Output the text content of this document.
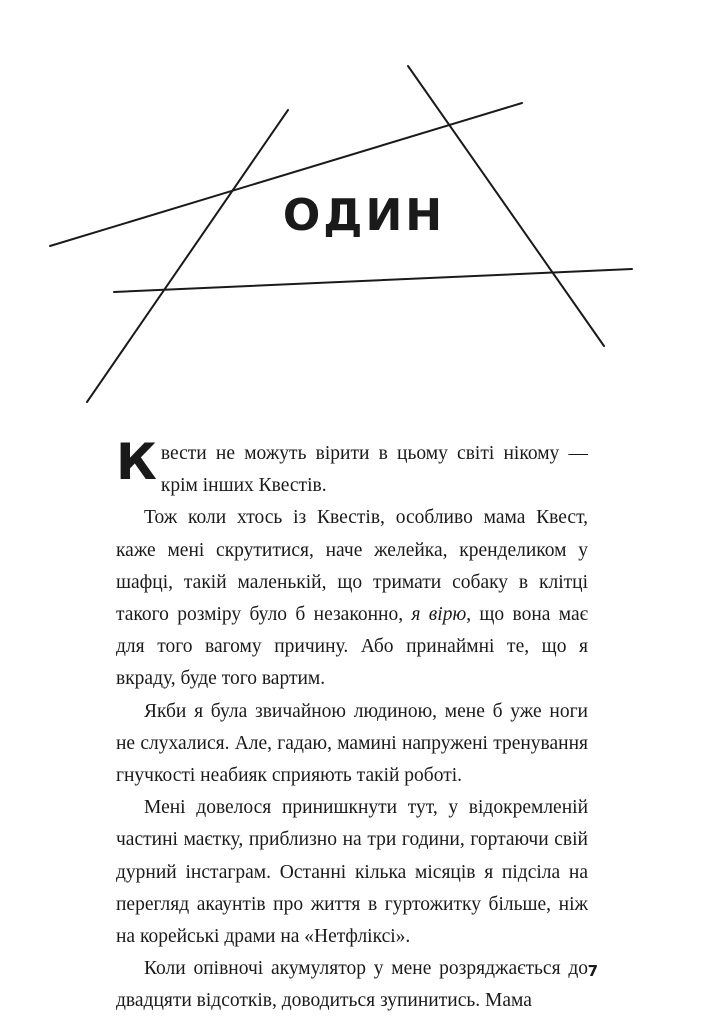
ОДИН

Квести не можуть вірити в цьому світі нікому — крім інших Квестів.

Тож коли хтось із Квестів, особливо мама Квест, каже мені скрутитися, наче желейка, кренделиком у шафці, такій маленькій, що тримати собаку в клітці такого розміру було б незаконно, я вірю, що вона має для того вагому причину. Або принаймні те, що я вкраду, буде того вартим.

Якби я була звичайною людиною, мене б уже ноги не слухалися. Але, гадаю, мамині напружені тренування гнучкості неабияк сприяють такій роботі.

Мені довелося принишкнути тут, у відокремленій частині маєтку, приблизно на три години, гортаючи свій дурний інстаграм. Останні кілька місяців я підсіла на перегляд акаунтів про життя в гуртожитку більше, ніж на корейські драми на «Нетфліксі».

Коли опівночі акумулятор у мене розряджається до двадцяти відсотків, доводиться зупинитись. Мама

7
